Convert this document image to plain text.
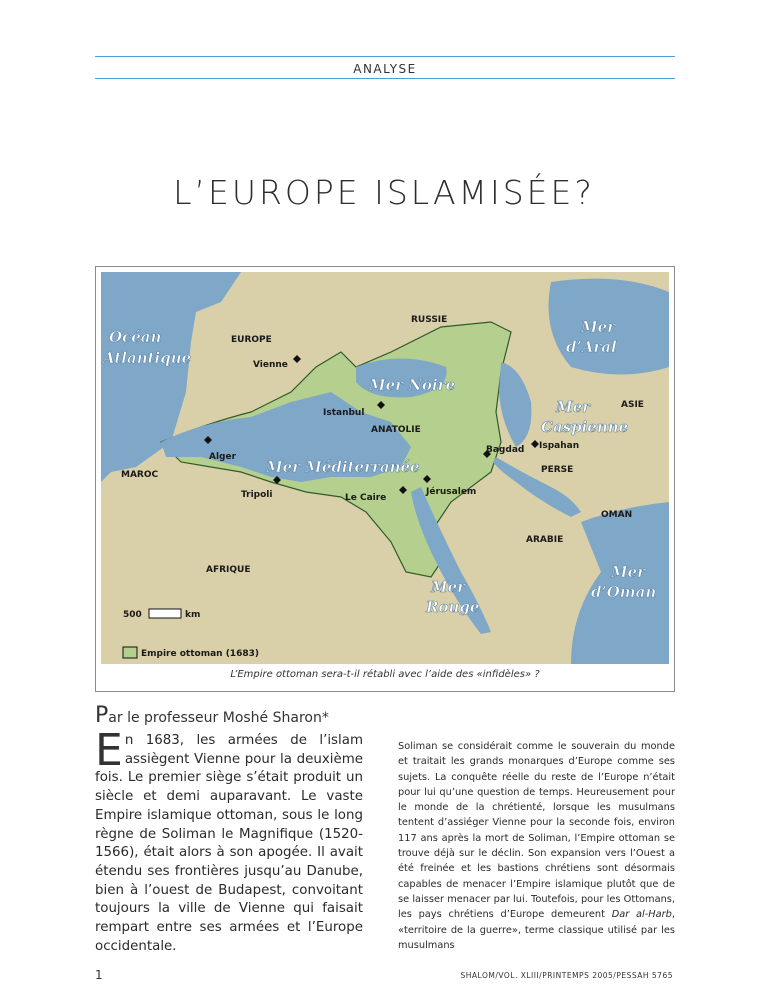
ANALYSE
L’EUROPE ISLAMISÉE?
RUSSIE
EUROPE
ASIE
ANATOLIE
MAROC	PERSE
ARABIE
AFRIQUE
OMAN
Vienne
Istanbul
Alger
Tripoli	Le Caire
Jérusalem
Bagdad Ispahan
Océan
Atlantique
Mer Noire
Mer
d’Aral
Mer
Caspienne
Mer Méditerranée
Mer
Rouge
Mer
d’Oman
500	km
Empire ottoman (1683)
L’Empire ottoman sera-t-il rétabli avec l’aide des «infidèles» ?
Par le professeur Moshé Sharon*
En 1683, les armées de l’islam assiègent Vienne pour la deuxième fois. Le premier siège s’était produit un siècle et demi auparavant. Le vaste Empire islamique ottoman, sous le long règne de Soliman le Magnifique (1520-1566), était alors à son apogée. Il avait étendu ses frontières jusqu’au Danube, bien à l’ouest de Budapest, convoitant toujours la ville de Vienne qui faisait rempart entre ses armées et l’Europe occidentale.
Soliman se considérait comme le souverain du monde et traitait les grands monarques d’Europe comme ses sujets. La conquête réelle du reste de l’Europe n’était pour lui qu’une question de temps. Heureusement pour le monde de la chrétienté, lorsque les musulmans tentent d’assiéger Vienne pour la seconde fois, environ 117 ans après la mort de Soliman, l’Empire ottoman se trouve déjà sur le déclin. Son expansion vers l’Ouest a été freinée et les bastions chrétiens sont désormais capables de menacer l’Empire islamique plutôt que de se laisser menacer par lui. Toutefois, pour les Ottomans, les pays chrétiens d’Europe demeurent Dar al-Harb, «territoire de la guerre», terme classique utilisé par les musulmans
1	SHALOM/VOL. XLIII/PRINTEMPS 2005/PESSAH 5765
